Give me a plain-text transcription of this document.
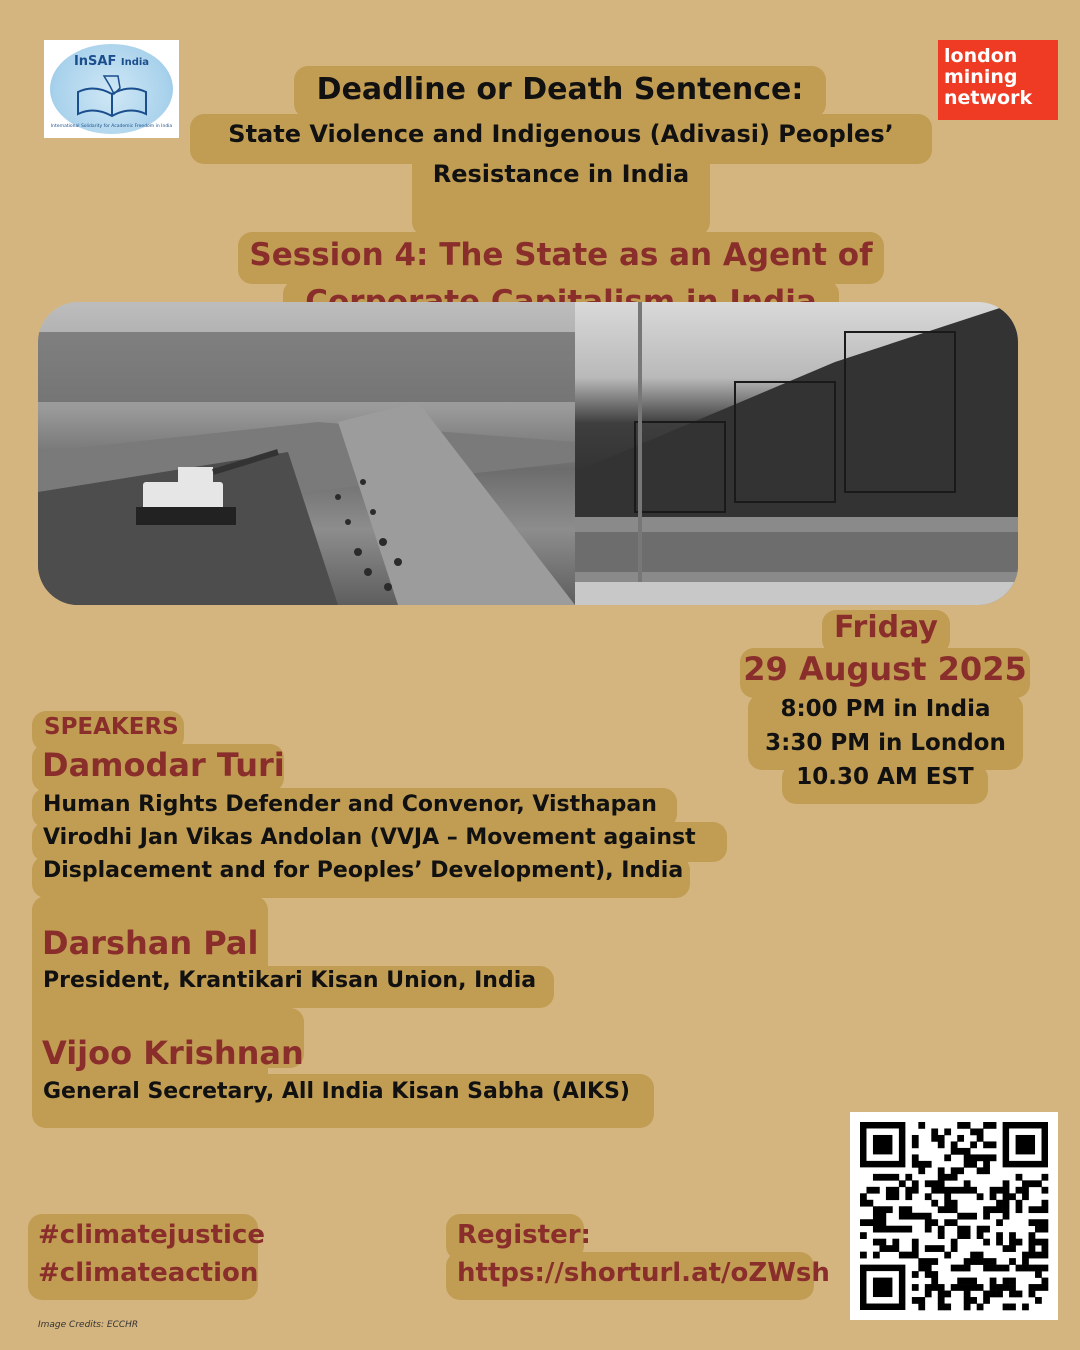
InSAF India
International Solidarity for Academic Freedom in India
london
mining
network
Deadline or Death Sentence:
State Violence and Indigenous (Adivasi) Peoples’
Resistance in India
Session 4: The State as an Agent of
Friday
29 August 2025
8:00 PM in India
3:30 PM in London
10.30 AM EST
SPEAKERS
Damodar Turi
Human Rights Defender and Convenor, Visthapan
Virodhi Jan Vikas Andolan (VVJA – Movement against
Displacement and for Peoples’ Development), India
Darshan Pal
President, Krantikari Kisan Union, India
Vijoo Krishnan
General Secretary, All India Kisan Sabha (AIKS)
#climatejustice
#climateaction
Register:
https://shorturl.at/oZWsh
Image Credits: ECCHR
